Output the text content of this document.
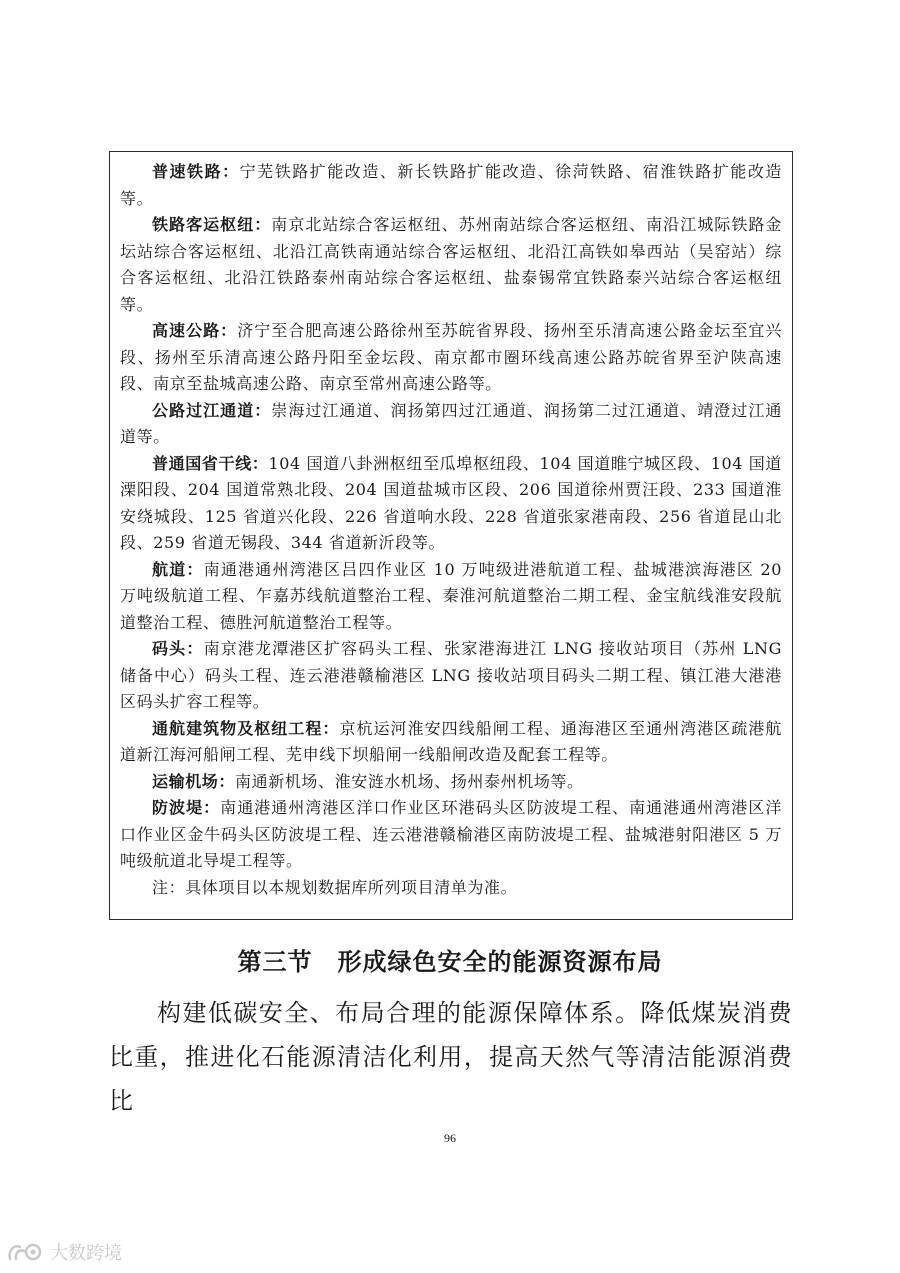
普速铁路：宁芜铁路扩能改造、新长铁路扩能改造、徐菏铁路、宿淮铁路扩能改造等。

铁路客运枢纽：南京北站综合客运枢纽、苏州南站综合客运枢纽、南沿江城际铁路金坛站综合客运枢纽、北沿江高铁南通站综合客运枢纽、北沿江高铁如皋西站（吴窑站）综合客运枢纽、北沿江铁路泰州南站综合客运枢纽、盐泰锡常宜铁路泰兴站综合客运枢纽等。

高速公路：济宁至合肥高速公路徐州至苏皖省界段、扬州至乐清高速公路金坛至宜兴段、扬州至乐清高速公路丹阳至金坛段、南京都市圈环线高速公路苏皖省界至沪陕高速段、南京至盐城高速公路、南京至常州高速公路等。

公路过江通道：崇海过江通道、润扬第四过江通道、润扬第二过江通道、靖澄过江通道等。

普通国省干线：104 国道八卦洲枢纽至瓜埠枢纽段、104 国道睢宁城区段、104 国道溧阳段、204 国道常熟北段、204 国道盐城市区段、206 国道徐州贾汪段、233 国道淮安绕城段、125 省道兴化段、226 省道响水段、228 省道张家港南段、256 省道昆山北段、259 省道无锡段、344 省道新沂段等。

航道：南通港通州湾港区吕四作业区 10 万吨级进港航道工程、盐城港滨海港区 20 万吨级航道工程、乍嘉苏线航道整治工程、秦淮河航道整治二期工程、金宝航线淮安段航道整治工程、德胜河航道整治工程等。

码头：南京港龙潭港区扩容码头工程、张家港海进江 LNG 接收站项目（苏州 LNG 储备中心）码头工程、连云港港赣榆港区 LNG 接收站项目码头二期工程、镇江港大港港区码头扩容工程等。

通航建筑物及枢纽工程：京杭运河淮安四线船闸工程、通海港区至通州湾港区疏港航道新江海河船闸工程、芜申线下坝船闸一线船闸改造及配套工程等。

运输机场：南通新机场、淮安涟水机场、扬州泰州机场等。

防波堤：南通港通州湾港区洋口作业区环港码头区防波堤工程、南通港通州湾港区洋口作业区金牛码头区防波堤工程、连云港港赣榆港区南防波堤工程、盐城港射阳港区 5 万吨级航道北导堤工程等。

注：具体项目以本规划数据库所列项目清单为准。

第三节　形成绿色安全的能源资源布局

构建低碳安全、布局合理的能源保障体系。降低煤炭消费比重，推进化石能源清洁化利用，提高天然气等清洁能源消费比

96
大数跨境
